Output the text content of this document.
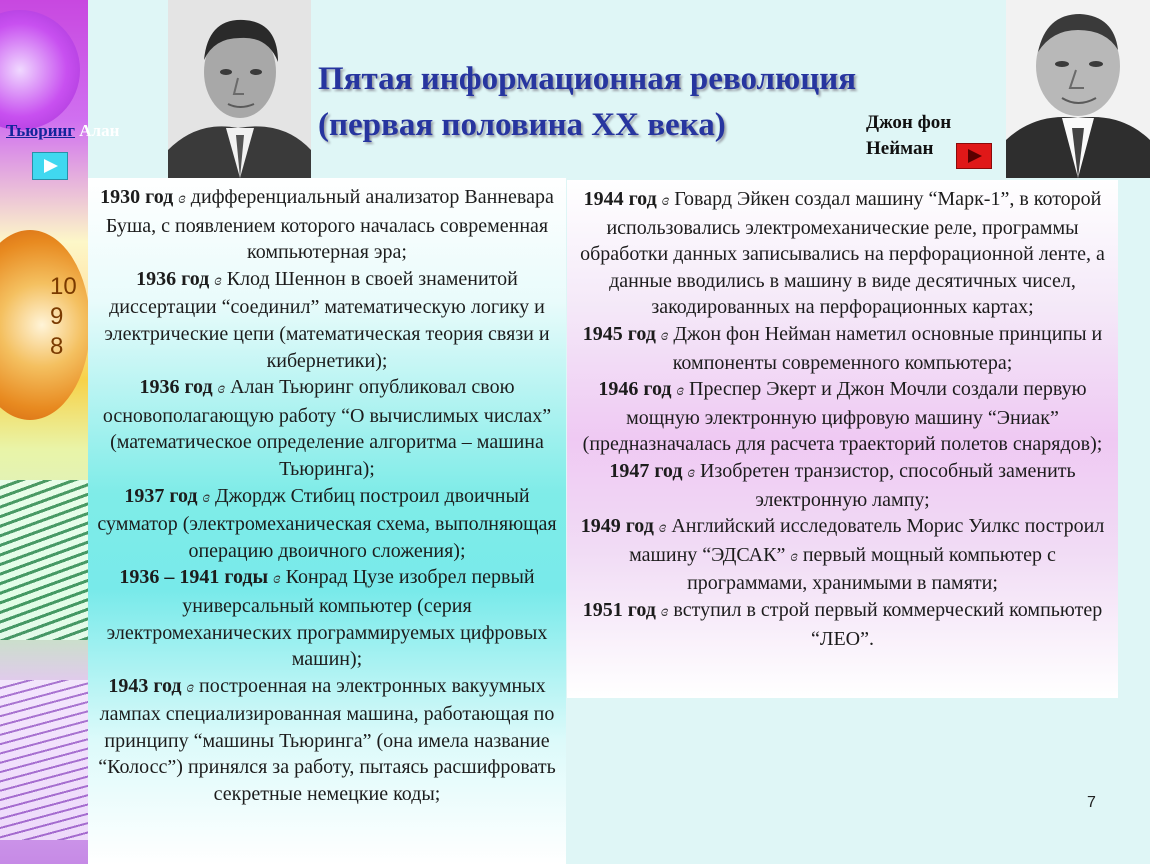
10
9
8
Пятая информационная революция
(первая половина XX века)
Тьюринг Алан	Джон фон
Нейман

1930 год ɞ дифференциальный анализатор Ванневара Буша, с появлением которого началась современная компьютерная эра;
1936 год ɞ Клод Шеннон в своей знаменитой диссертации “соединил” математическую логику и электрические цепи (математическая теория связи и кибернетики);
1936 год ɞ Алан Тьюринг опубликовал свою основополагающую работу “О вычислимых числах” (математическое определение алгоритма – машина Тьюринга);
1937 год ɞ Джордж Стибиц построил двоичный сумматор (электромеханическая схема, выполняющая операцию двоичного сложения);
1936 – 1941 годы ɞ Конрад Цузе изобрел первый универсальный компьютер (серия электромеханических программируемых цифровых машин);
1943 год ɞ построенная на электронных вакуумных лампах специализированная машина, работающая по принципу “машины Тьюринга” (она имела название “Колосс”) принялся за работу, пытаясь расшифровать секретные немецкие коды;
1944 год ɞ Говард Эйкен создал машину “Марк-1”, в которой использовались электромеханические реле, программы обработки данных записывались на перфорационной ленте, а данные вводились в машину в виде десятичных чисел, закодированных на перфорационных картах;
1945 год ɞ Джон фон Нейман наметил основные принципы и компоненты современного компьютера;
1946 год ɞ Преспер Экерт и Джон Мочли создали первую мощную электронную цифровую машину “Эниак” (предназначалась для расчета траекторий полетов снарядов);
1947 год ɞ Изобретен транзистор, способный заменить электронную лампу;
1949 год ɞ Английский исследователь Морис Уилкс построил машину “ЭДСАК” ɞ первый мощный компьютер с программами, хранимыми в памяти;
1951 год ɞ вступил в строй первый коммерческий компьютер “ЛЕО”.
7
